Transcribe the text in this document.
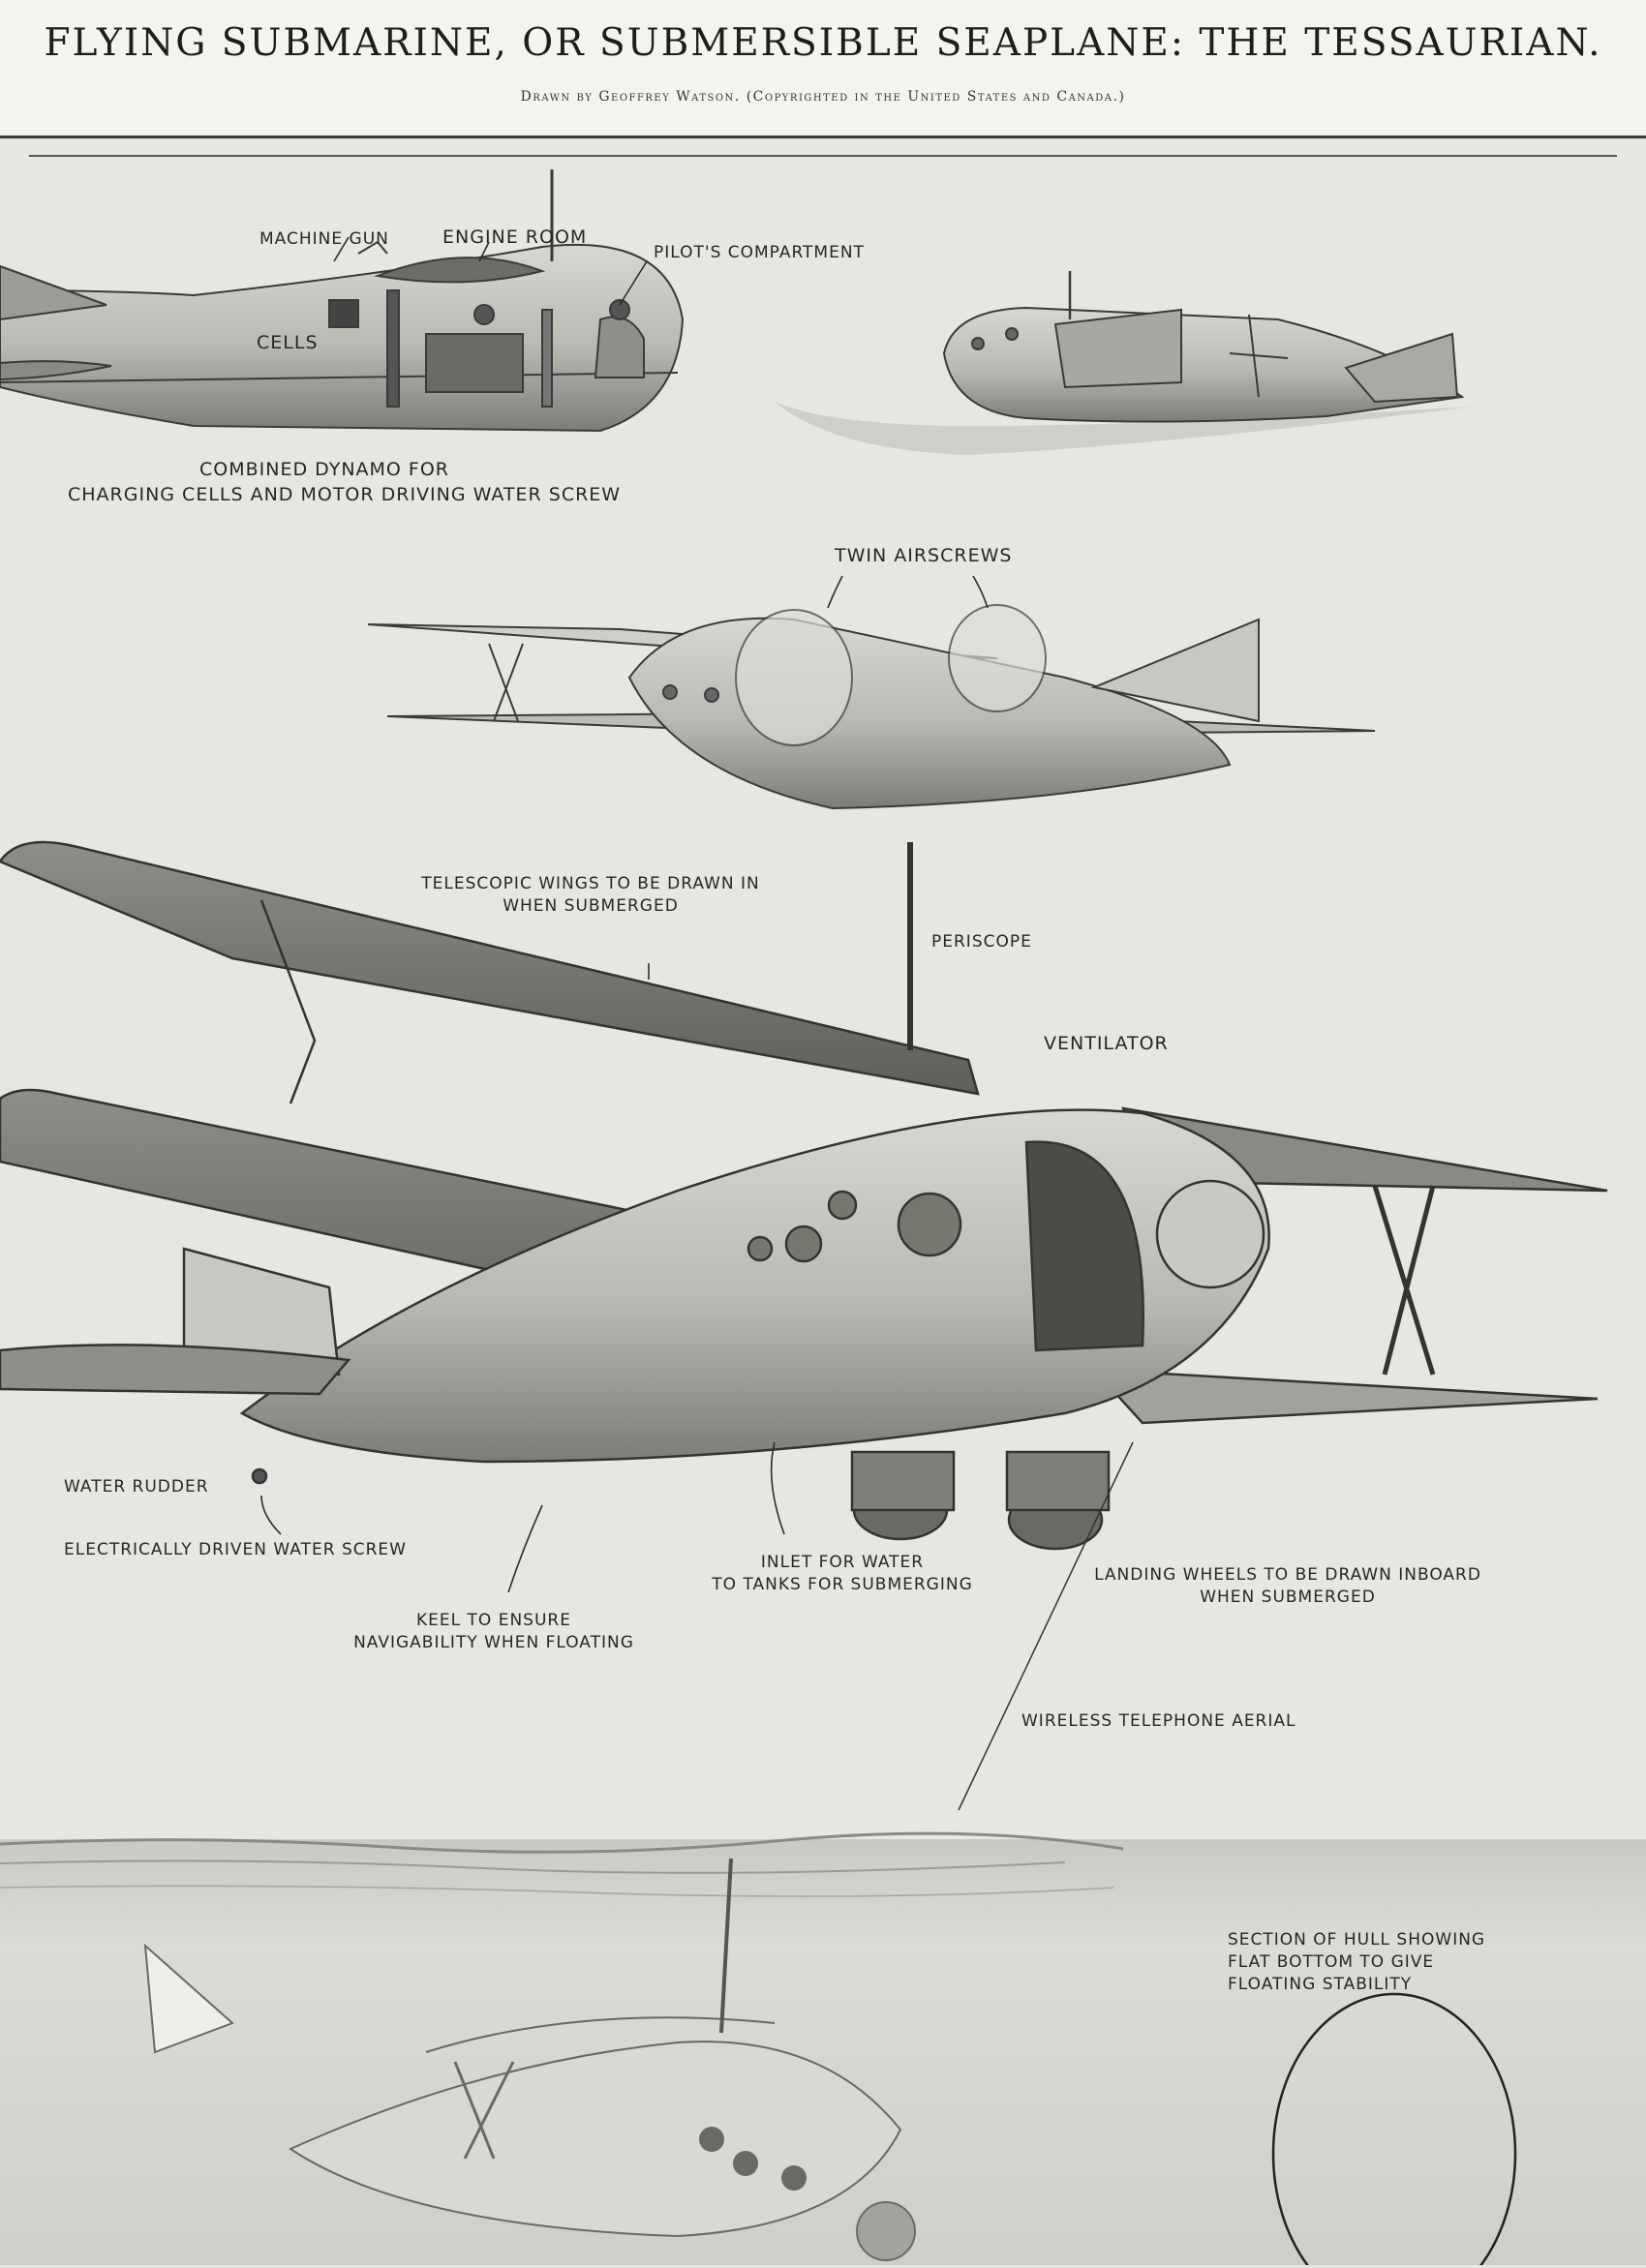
FLYING SUBMARINE, OR SUBMERSIBLE SEAPLANE: THE TESSAURIAN.
Drawn by Geoffrey Watson. (Copyrighted in the United States and Canada.)
MACHINE GUN	ENGINE ROOM
PILOT'S COMPARTMENT
CELLS
COMBINED DYNAMO FOR
CHARGING CELLS AND MOTOR DRIVING WATER SCREW
TWIN AIRSCREWS
TELESCOPIC WINGS TO BE DRAWN IN
WHEN SUBMERGED
PERISCOPE
VENTILATOR
WATER RUDDER
ELECTRICALLY DRIVEN WATER SCREW
INLET FOR WATER
TO TANKS FOR SUBMERGING	LANDING WHEELS TO BE DRAWN INBOARD
WHEN SUBMERGED
KEEL TO ENSURE
NAVIGABILITY WHEN FLOATING
WIRELESS TELEPHONE AERIAL
SECTION OF HULL SHOWING
FLAT BOTTOM TO GIVE
FLOATING STABILITY
